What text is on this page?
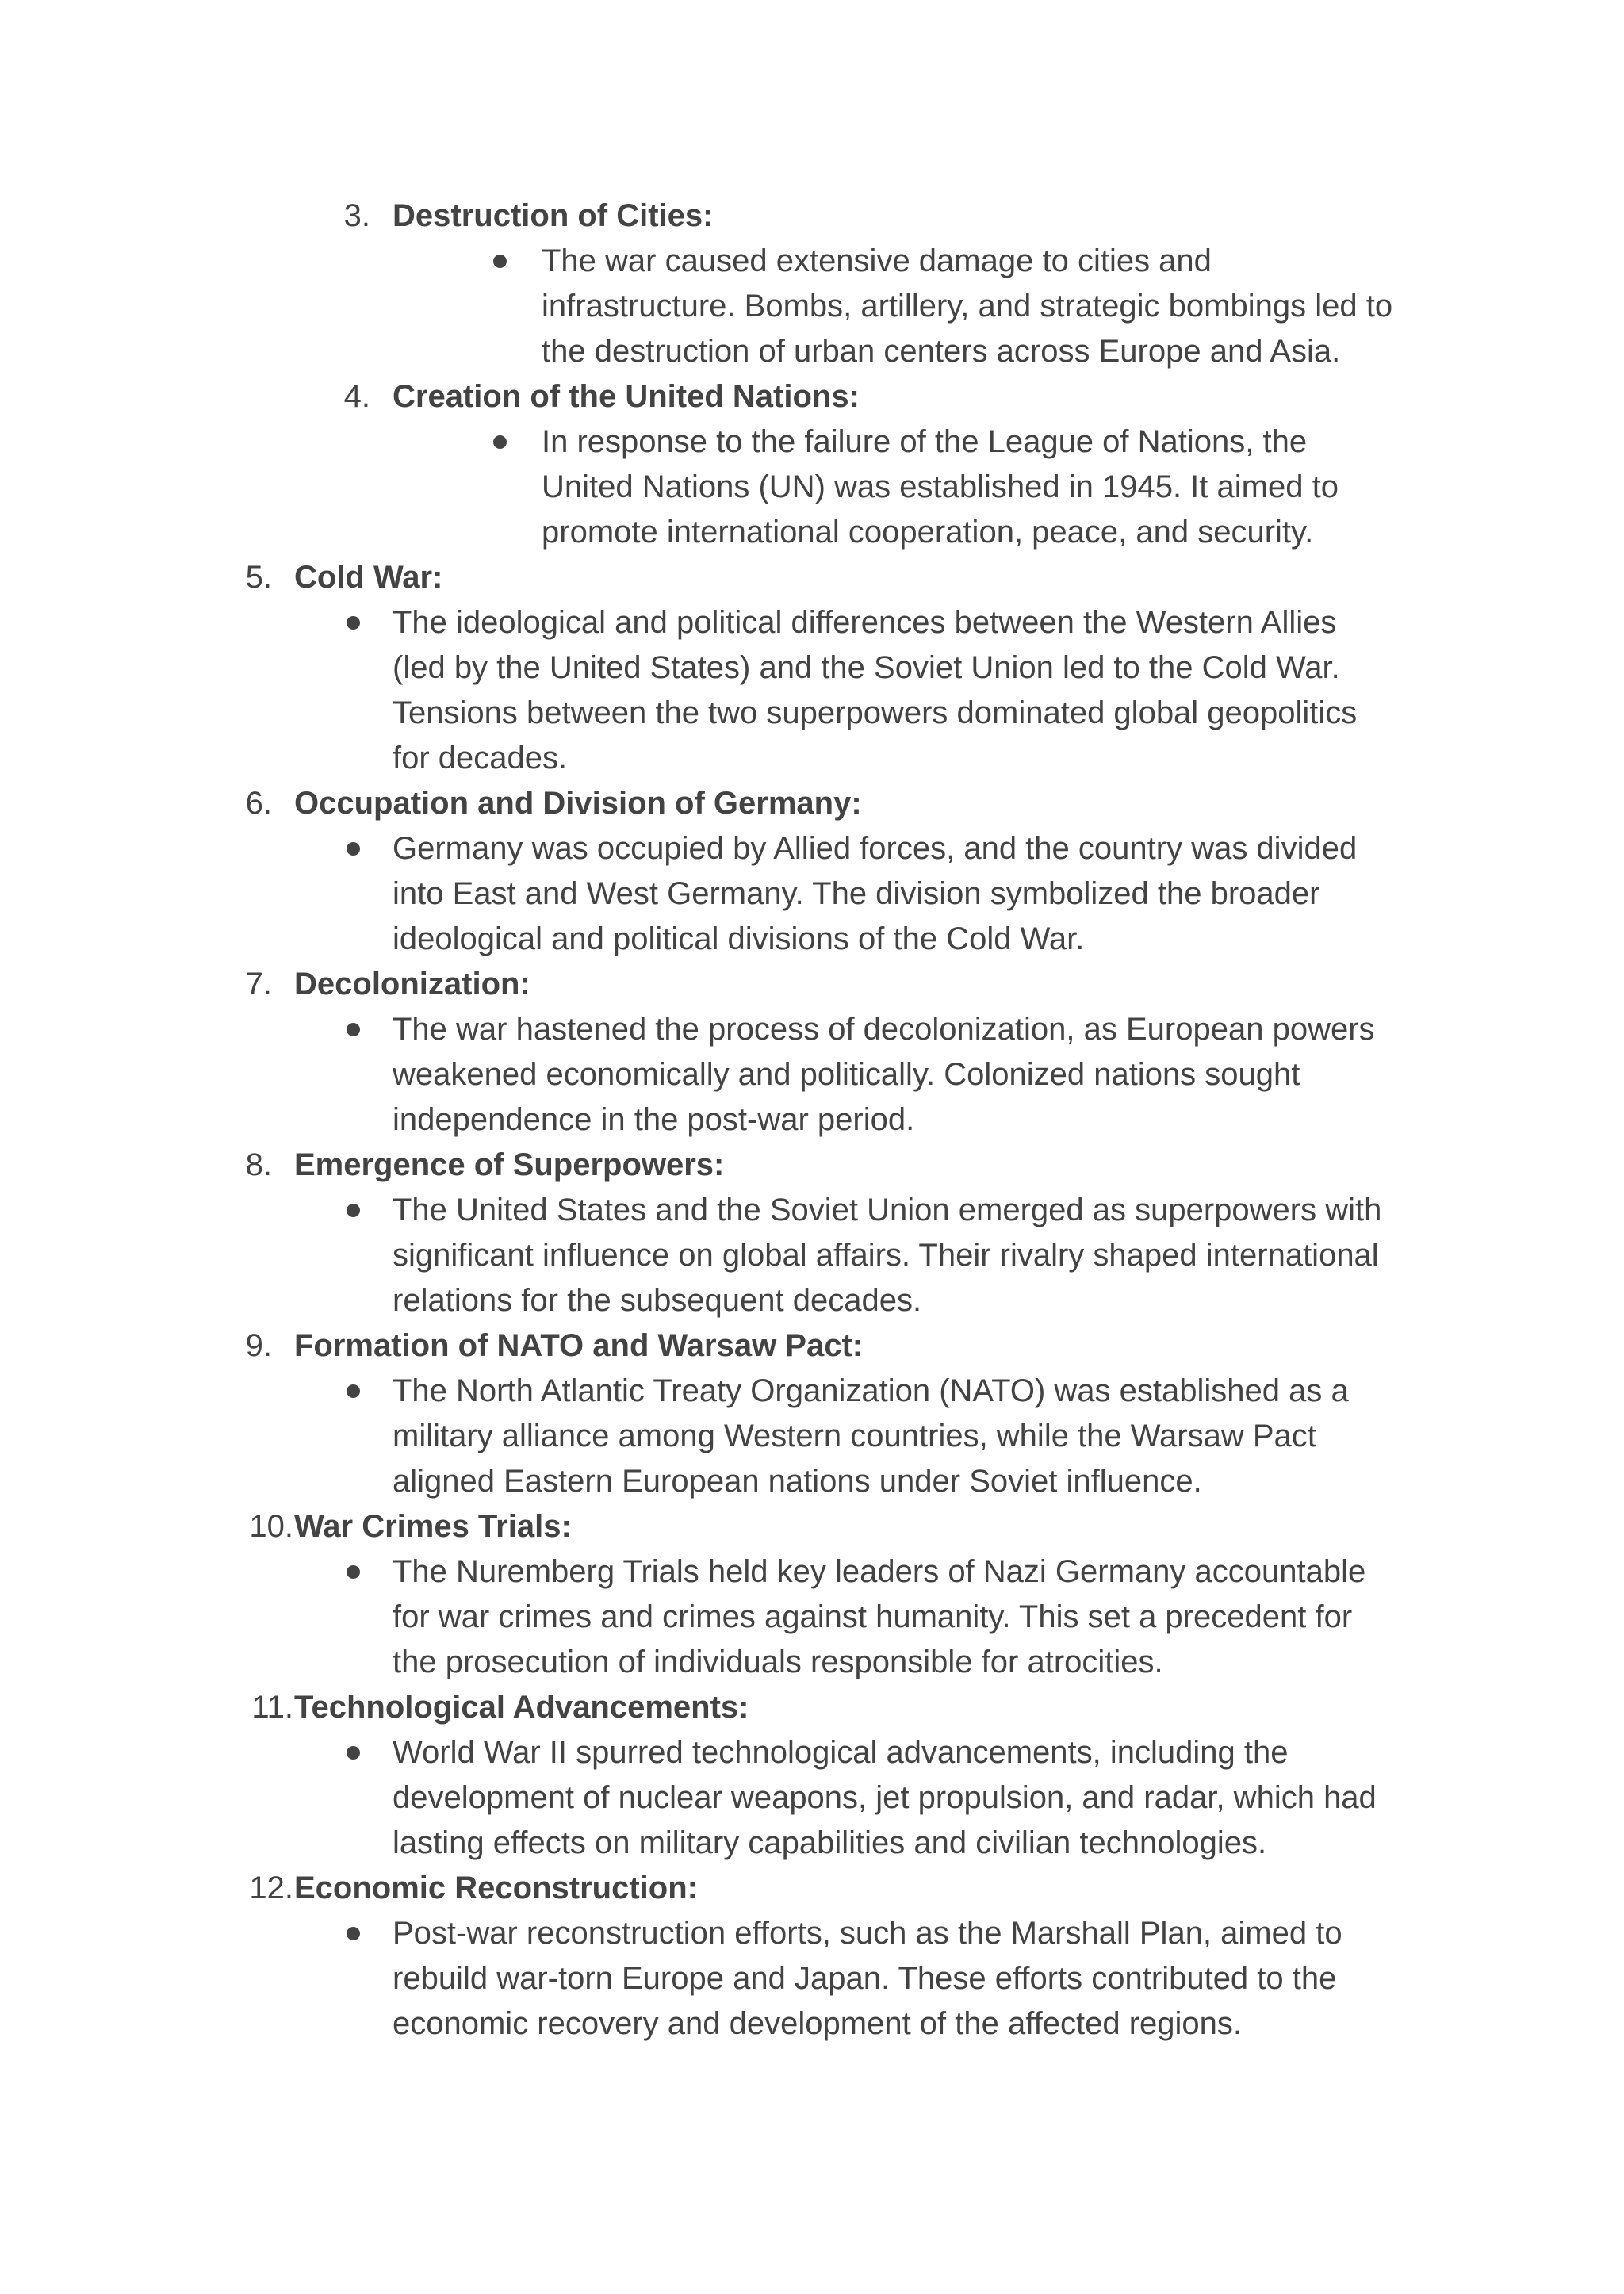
3. Destruction of Cities:
The war caused extensive damage to cities and
infrastructure. Bombs, artillery, and strategic bombings led to
the destruction of urban centers across Europe and Asia.
4. Creation of the United Nations:
In response to the failure of the League of Nations, the
United Nations (UN) was established in 1945. It aimed to
promote international cooperation, peace, and security.
5. Cold War:
The ideological and political differences between the Western Allies
(led by the United States) and the Soviet Union led to the Cold War.
Tensions between the two superpowers dominated global geopolitics
for decades.
6. Occupation and Division of Germany:
Germany was occupied by Allied forces, and the country was divided
into East and West Germany. The division symbolized the broader
ideological and political divisions of the Cold War.
7. Decolonization:
The war hastened the process of decolonization, as European powers
weakened economically and politically. Colonized nations sought
independence in the post-war period.
8. Emergence of Superpowers:
The United States and the Soviet Union emerged as superpowers with
significant influence on global affairs. Their rivalry shaped international
relations for the subsequent decades.
9. Formation of NATO and Warsaw Pact:
The North Atlantic Treaty Organization (NATO) was established as a
military alliance among Western countries, while the Warsaw Pact
aligned Eastern European nations under Soviet influence.
10. War Crimes Trials:
The Nuremberg Trials held key leaders of Nazi Germany accountable
for war crimes and crimes against humanity. This set a precedent for
the prosecution of individuals responsible for atrocities.
11. Technological Advancements:
World War II spurred technological advancements, including the
development of nuclear weapons, jet propulsion, and radar, which had
lasting effects on military capabilities and civilian technologies.
12. Economic Reconstruction:
Post-war reconstruction efforts, such as the Marshall Plan, aimed to
rebuild war-torn Europe and Japan. These efforts contributed to the
economic recovery and development of the affected regions.
